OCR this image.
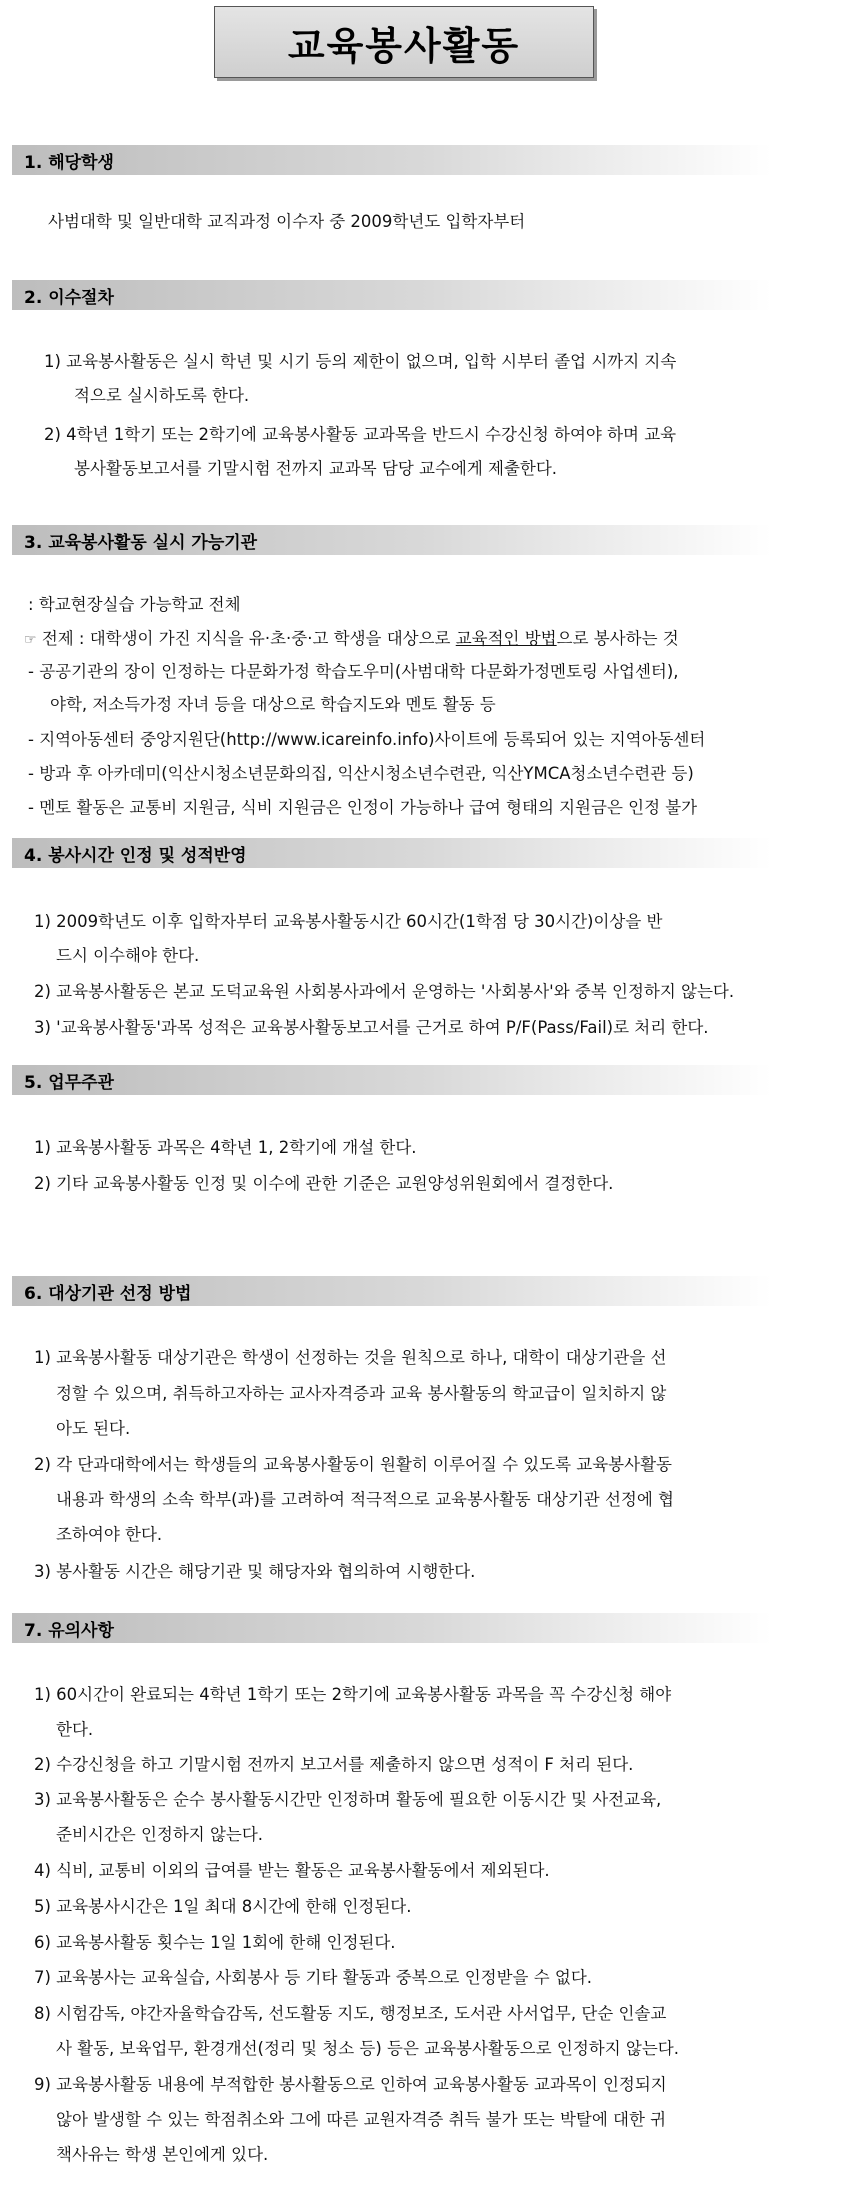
교육봉사활동
1. 해당학생
사범대학 및 일반대학 교직과정 이수자 중 2009학년도 입학자부터
2. 이수절차
1) 교육봉사활동은 실시 학년 및 시기 등의 제한이 없으며, 입학 시부터 졸업 시까지 지속
적으로 실시하도록 한다.
2) 4학년 1학기 또는 2학기에 교육봉사활동 교과목을 반드시 수강신청 하여야 하며 교육
봉사활동보고서를 기말시험 전까지 교과목 담당 교수에게 제출한다.
3. 교육봉사활동 실시 가능기관
: 학교현장실습 가능학교 전체
☞ 전제 : 대학생이 가진 지식을 유·초·중·고 학생을 대상으로 교육적인 방법으로 봉사하는 것
- 공공기관의 장이 인정하는 다문화가정 학습도우미(사범대학 다문화가정멘토링 사업센터),
야학, 저소득가정 자녀 등을 대상으로 학습지도와 멘토 활동 등
- 지역아동센터 중앙지원단(http://www.icareinfo.info)사이트에 등록되어 있는 지역아동센터
- 방과 후 아카데미(익산시청소년문화의집, 익산시청소년수련관, 익산YMCA청소년수련관 등)
- 멘토 활동은 교통비 지원금, 식비 지원금은 인정이 가능하나 급여 형태의 지원금은 인정 불가
4. 봉사시간 인정 및 성적반영
1) 2009학년도 이후 입학자부터 교육봉사활동시간 60시간(1학점 당 30시간)이상을 반
드시 이수해야 한다.
2) 교육봉사활동은 본교 도덕교육원 사회봉사과에서 운영하는 '사회봉사'와 중복 인정하지 않는다.
3) '교육봉사활동'과목 성적은 교육봉사활동보고서를 근거로 하여 P/F(Pass/Fail)로 처리 한다.
5. 업무주관
1) 교육봉사활동 과목은 4학년 1, 2학기에 개설 한다.
2) 기타 교육봉사활동 인정 및 이수에 관한 기준은 교원양성위원회에서 결정한다.
6. 대상기관 선정 방법
1) 교육봉사활동 대상기관은 학생이 선정하는 것을 원칙으로 하나, 대학이 대상기관을 선
정할 수 있으며, 취득하고자하는 교사자격증과 교육 봉사활동의 학교급이 일치하지 않
아도 된다.
2) 각 단과대학에서는 학생들의 교육봉사활동이 원활히 이루어질 수 있도록 교육봉사활동
내용과 학생의 소속 학부(과)를 고려하여 적극적으로 교육봉사활동 대상기관 선정에 협
조하여야 한다.
3) 봉사활동 시간은 해당기관 및 해당자와 협의하여 시행한다.
7. 유의사항
1) 60시간이 완료되는 4학년 1학기 또는 2학기에 교육봉사활동 과목을 꼭 수강신청 해야
한다.
2) 수강신청을 하고 기말시험 전까지 보고서를 제출하지 않으면 성적이 F 처리 된다.
3) 교육봉사활동은 순수 봉사활동시간만 인정하며 활동에 필요한 이동시간 및 사전교육,
준비시간은 인정하지 않는다.
4) 식비, 교통비 이외의 급여를 받는 활동은 교육봉사활동에서 제외된다.
5) 교육봉사시간은 1일 최대 8시간에 한해 인정된다.
6) 교육봉사활동 횟수는 1일 1회에 한해 인정된다.
7) 교육봉사는 교육실습, 사회봉사 등 기타 활동과 중복으로 인정받을 수 없다.
8) 시험감독, 야간자율학습감독, 선도활동 지도, 행정보조, 도서관 사서업무, 단순 인솔교
사 활동, 보육업무, 환경개선(정리 및 청소 등) 등은 교육봉사활동으로 인정하지 않는다.
9) 교육봉사활동 내용에 부적합한 봉사활동으로 인하여 교육봉사활동 교과목이 인정되지
않아 발생할 수 있는 학점취소와 그에 따른 교원자격증 취득 불가 또는 박탈에 대한 귀
책사유는 학생 본인에게 있다.
